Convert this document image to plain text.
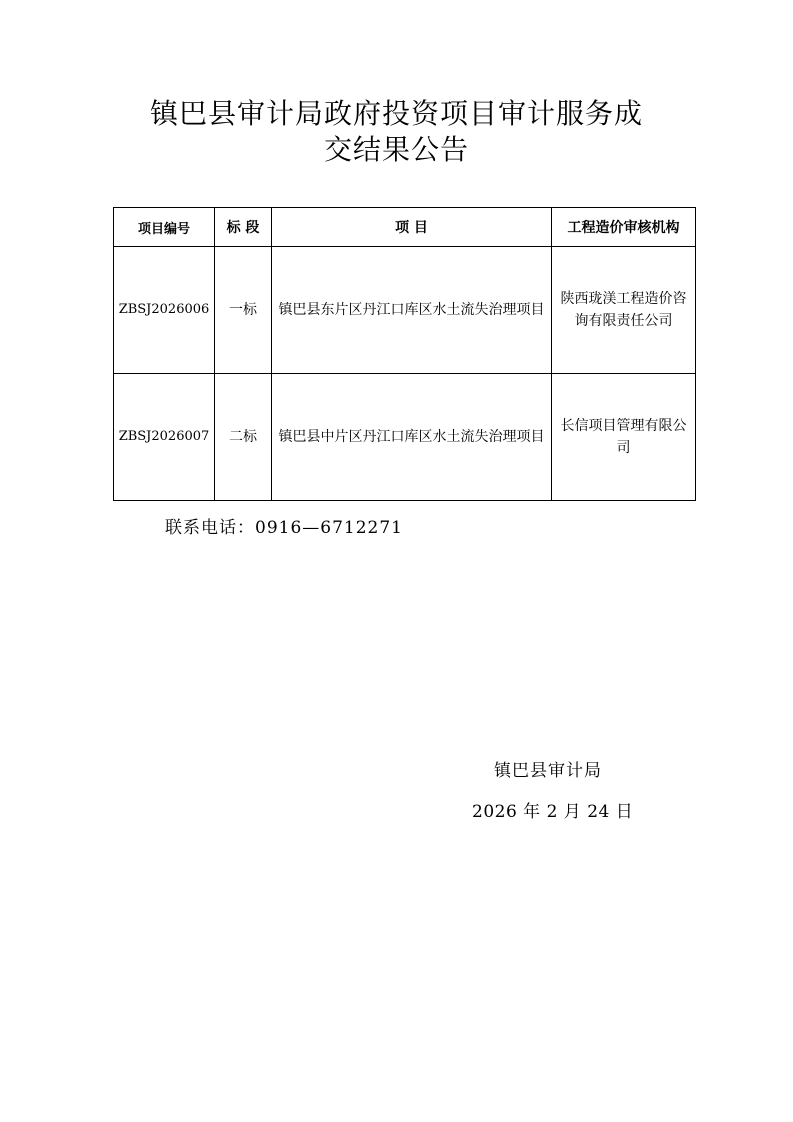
镇巴县审计局政府投资项目审计服务成
交结果公告
项目编号	标 段	项 目	工程造价审核机构
ZBSJ2026006	一标	镇巴县东片区丹江口库区水土流失治理项目	陕西珑渼工程造价咨询有限责任公司
ZBSJ2026007	二标	镇巴县中片区丹江口库区水土流失治理项目	长信项目管理有限公司
联系电话：0916—6712271
镇巴县审计局
2026 年 2 月 24 日
